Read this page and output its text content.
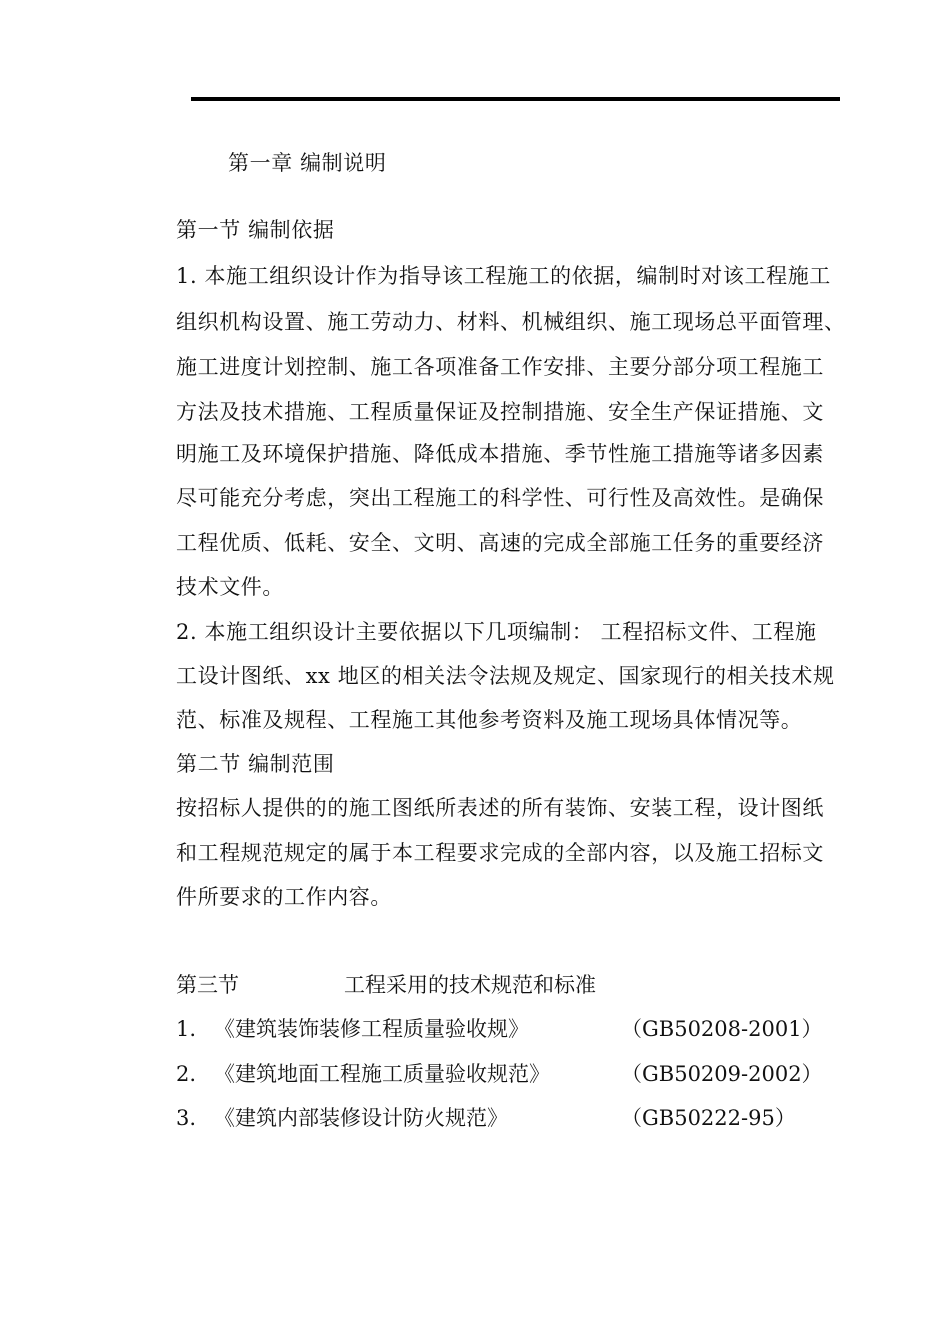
第一章 编制说明
第一节 编制依据
1. 本施工组织设计作为指导该工程施工的依据，编制时对该工程施工
组织机构设置、施工劳动力、材料、机械组织、施工现场总平面管理、
施工进度计划控制、施工各项准备工作安排、主要分部分项工程施工
方法及技术措施、工程质量保证及控制措施、安全生产保证措施、文
明施工及环境保护措施、降低成本措施、季节性施工措施等诸多因素
尽可能充分考虑，突出工程施工的科学性、可行性及高效性。是确保
工程优质、低耗、安全、文明、高速的完成全部施工任务的重要经济
技术文件。
2. 本施工组织设计主要依据以下几项编制： 工程招标文件、工程施
工设计图纸、xx 地区的相关法令法规及规定、国家现行的相关技术规
范、标准及规程、工程施工其他参考资料及施工现场具体情况等。
第二节 编制范围
按招标人提供的的施工图纸所表述的所有装饰、安装工程，设计图纸
和工程规范规定的属于本工程要求完成的全部内容，以及施工招标文
件所要求的工作内容。
第三节	工程采用的技术规范和标准
1. 《建筑装饰装修工程质量验收规》	（GB50208-2001）
2. 《建筑地面工程施工质量验收规范》	（GB50209-2002）
3. 《建筑内部装修设计防火规范》	（GB50222-95）
